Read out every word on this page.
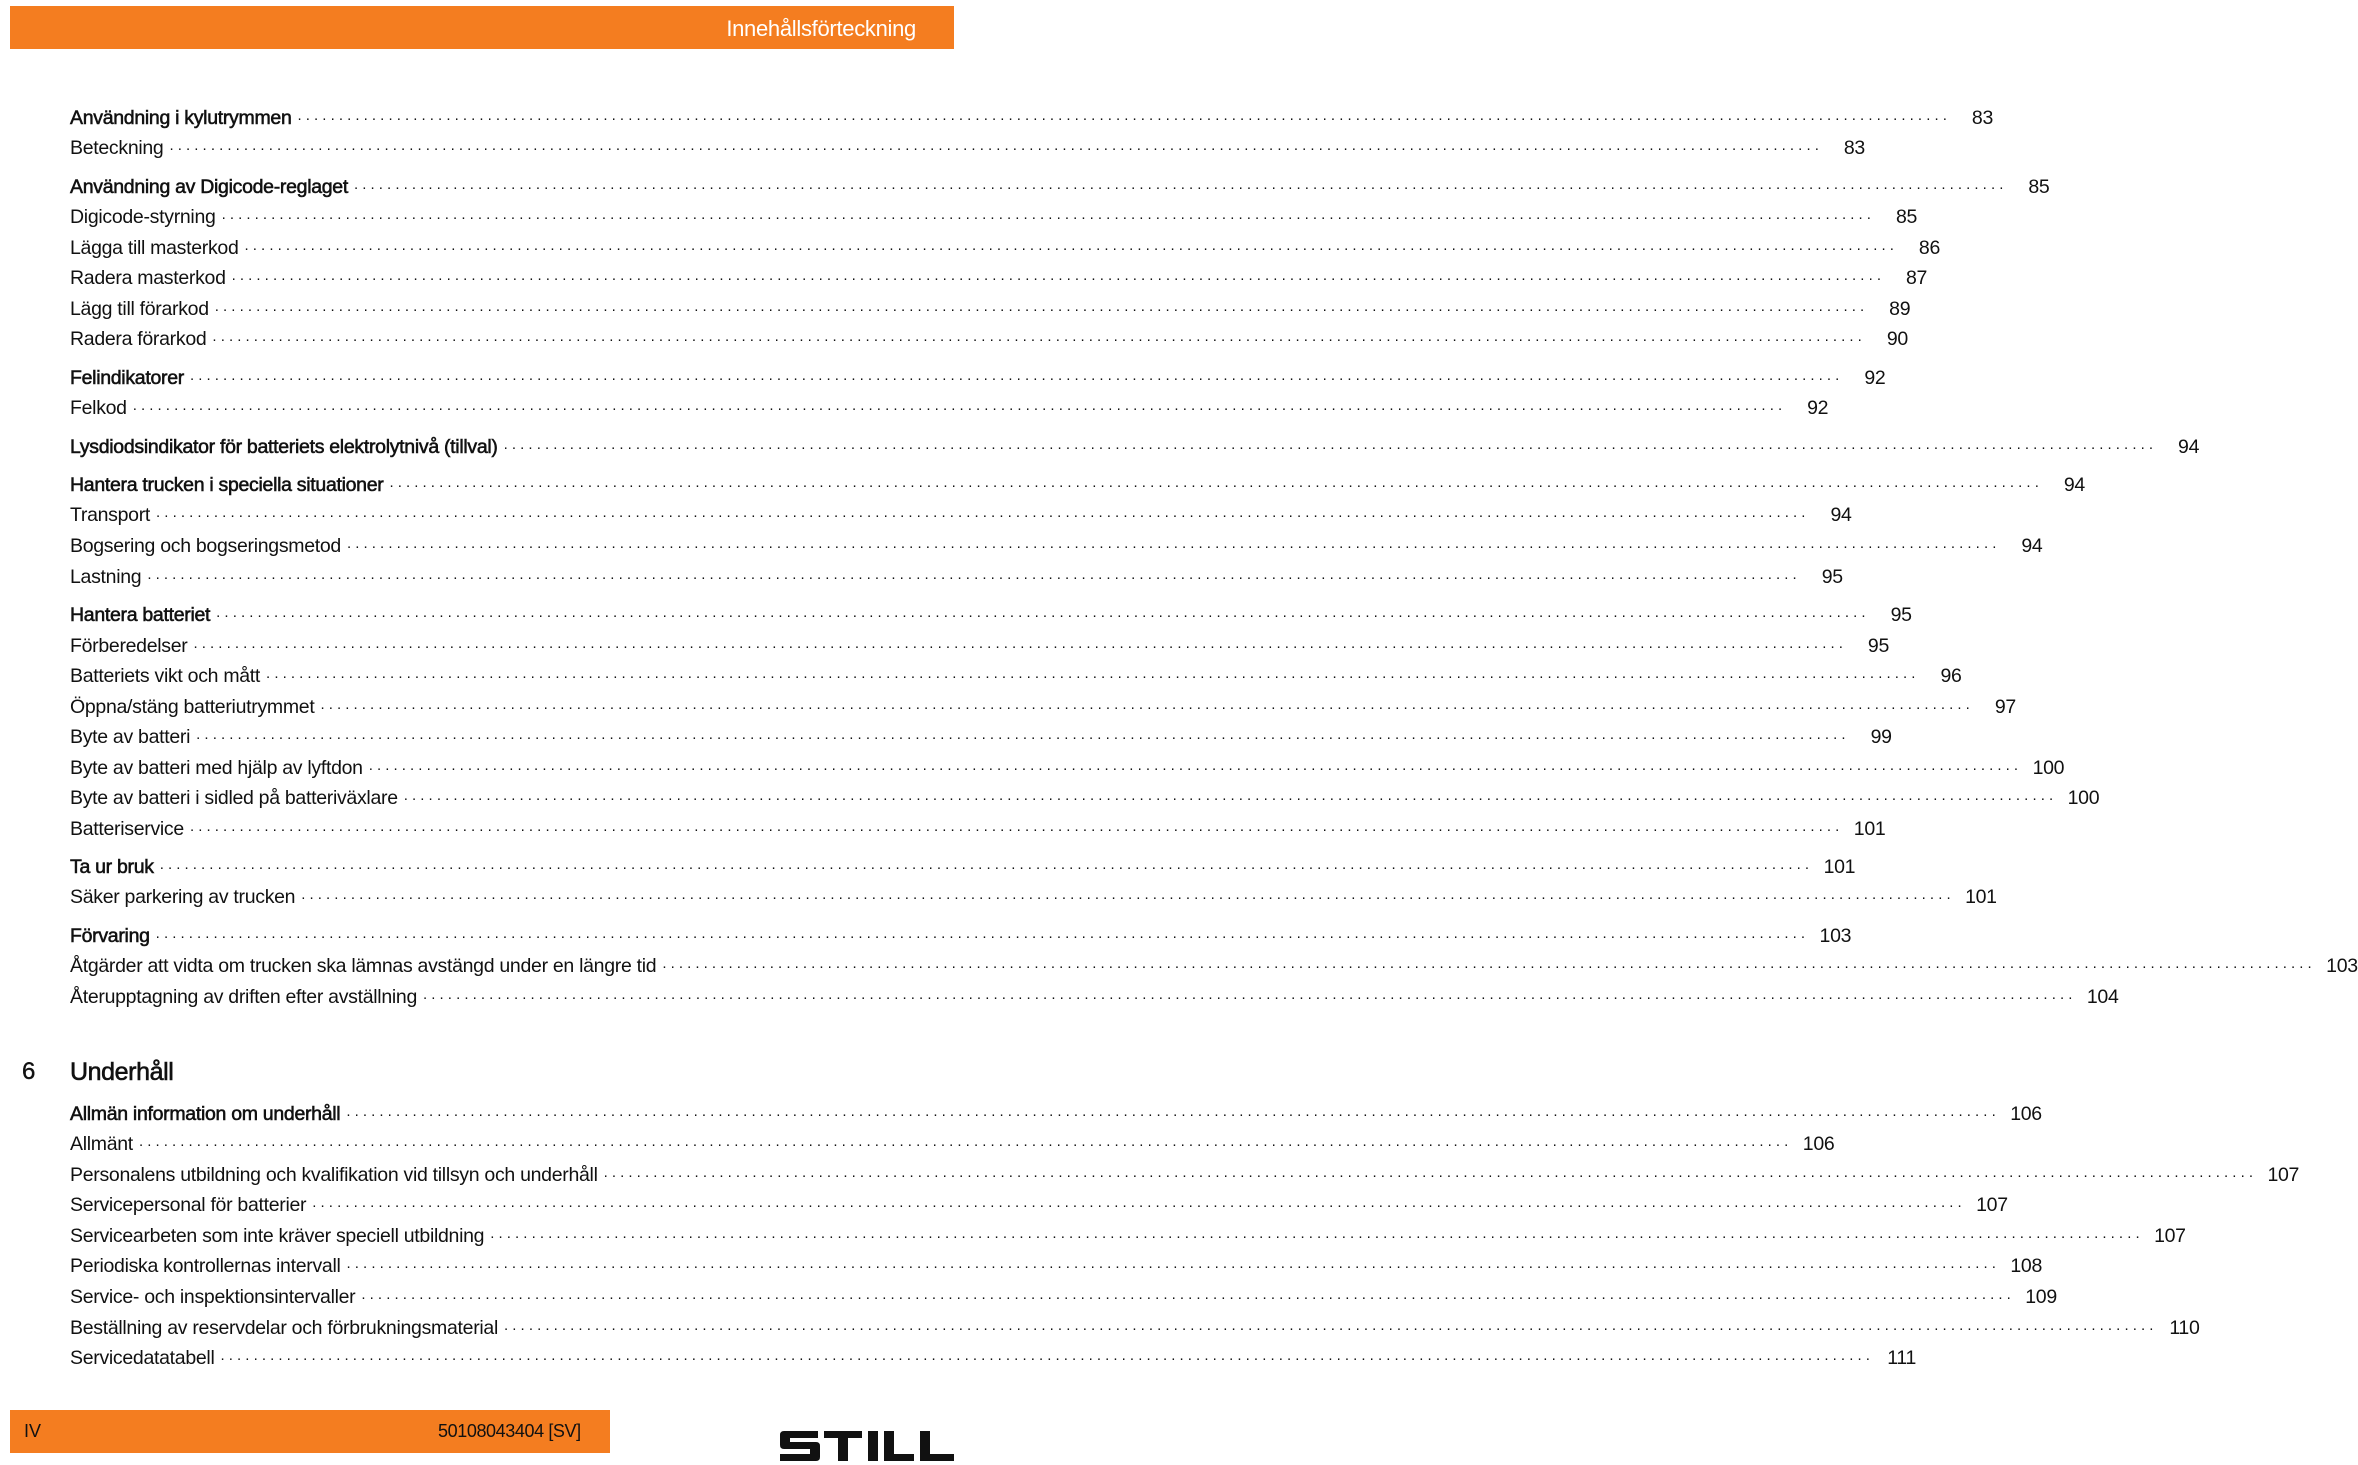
Innehållsförteckning
Användning i kylutrymmen ........................................................................................................................................................................................................	83
Beteckning ........................................................................................................................................................................................................	83
Användning av Digicode-reglaget ........................................................................................................................................................................................................	85
Digicode-styrning ........................................................................................................................................................................................................	85
Lägga till masterkod ........................................................................................................................................................................................................	86
Radera masterkod ........................................................................................................................................................................................................	87
Lägg till förarkod ........................................................................................................................................................................................................	89
Radera förarkod ........................................................................................................................................................................................................	90
Felindikatorer ........................................................................................................................................................................................................	92
Felkod ........................................................................................................................................................................................................	92
Lysdiodsindikator för batteriets elektrolytnivå (tillval) ........................................................................................................................................................................................................	94
Hantera trucken i speciella situationer ........................................................................................................................................................................................................	94
Transport ........................................................................................................................................................................................................	94
Bogsering och bogseringsmetod ........................................................................................................................................................................................................	94
Lastning ........................................................................................................................................................................................................	95
Hantera batteriet ........................................................................................................................................................................................................	95
Förberedelser ........................................................................................................................................................................................................	95
Batteriets vikt och mått ........................................................................................................................................................................................................	96
Öppna/stäng batteriutrymmet ........................................................................................................................................................................................................	97
Byte av batteri ........................................................................................................................................................................................................	99
Byte av batteri med hjälp av lyftdon ........................................................................................................................................................................................................ 100
Byte av batteri i sidled på batteriväxlare ........................................................................................................................................................................................................ 100
Batteriservice ........................................................................................................................................................................................................ 101
Ta ur bruk ........................................................................................................................................................................................................ 101
Säker parkering av trucken ........................................................................................................................................................................................................ 101
Förvaring ........................................................................................................................................................................................................ 103
Åtgärder att vidta om trucken ska lämnas avstängd under en längre tid ........................................................................................................................................................................................................ 103
Återupptagning av driften efter avställning ........................................................................................................................................................................................................ 104
Allmän information om underhåll ........................................................................................................................................................................................................ 106
Allmänt ........................................................................................................................................................................................................ 106
Personalens utbildning och kvalifikation vid tillsyn och underhåll ........................................................................................................................................................................................................ 107
Servicepersonal för batterier ........................................................................................................................................................................................................ 107
Servicearbeten som inte kräver speciell utbildning ........................................................................................................................................................................................................ 107
Periodiska kontrollernas intervall ........................................................................................................................................................................................................ 108
Service- och inspektionsintervaller ........................................................................................................................................................................................................ 109
Beställning av reservdelar och förbrukningsmaterial ........................................................................................................................................................................................................ 110
Servicedatatabell ........................................................................................................................................................................................................ 111
6 Underhåll
IV	50108043404 [SV]
